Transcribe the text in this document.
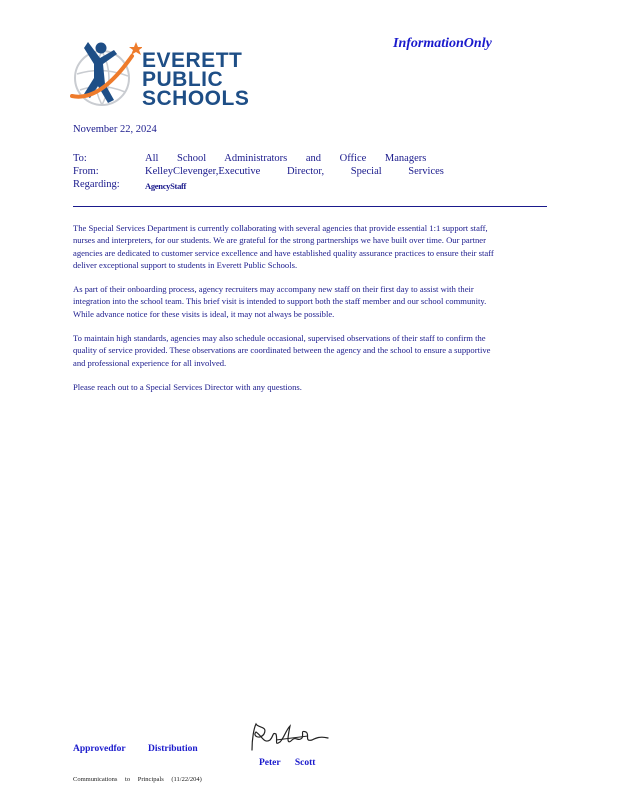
EVERETT
PUBLIC
SCHOOLS
InformationOnly
November 22, 2024
To:	All School Administrators and Office Managers
From:	KelleyClevenger,Executive Director, Special Services
Regarding:	AgencyStaff

The Special Services Department is currently collaborating with several agencies that provide essential 1:1 support staff, nurses and interpreters, for our students. We are grateful for the strong partnerships we have built over time. Our partner agencies are dedicated to customer service excellence and have established quality assurance practices to ensure their staff deliver exceptional support to students in Everett Public Schools.

As part of their onboarding process, agency recruiters may accompany new staff on their first day to assist with their integration into the school team. This brief visit is intended to support both the staff member and our school community. While advance notice for these visits is ideal, it may not always be possible.

To maintain high standards, agencies may also schedule occasional, supervised observations of their staff to confirm the quality of service provided. These observations are coordinated between the agency and the school to ensure a supportive and professional experience for all involved.

Please reach out to a Special Services Director with any questions.

Approvedfor Distribution
Peter Scott
Communications to Principals (11/22/204)
